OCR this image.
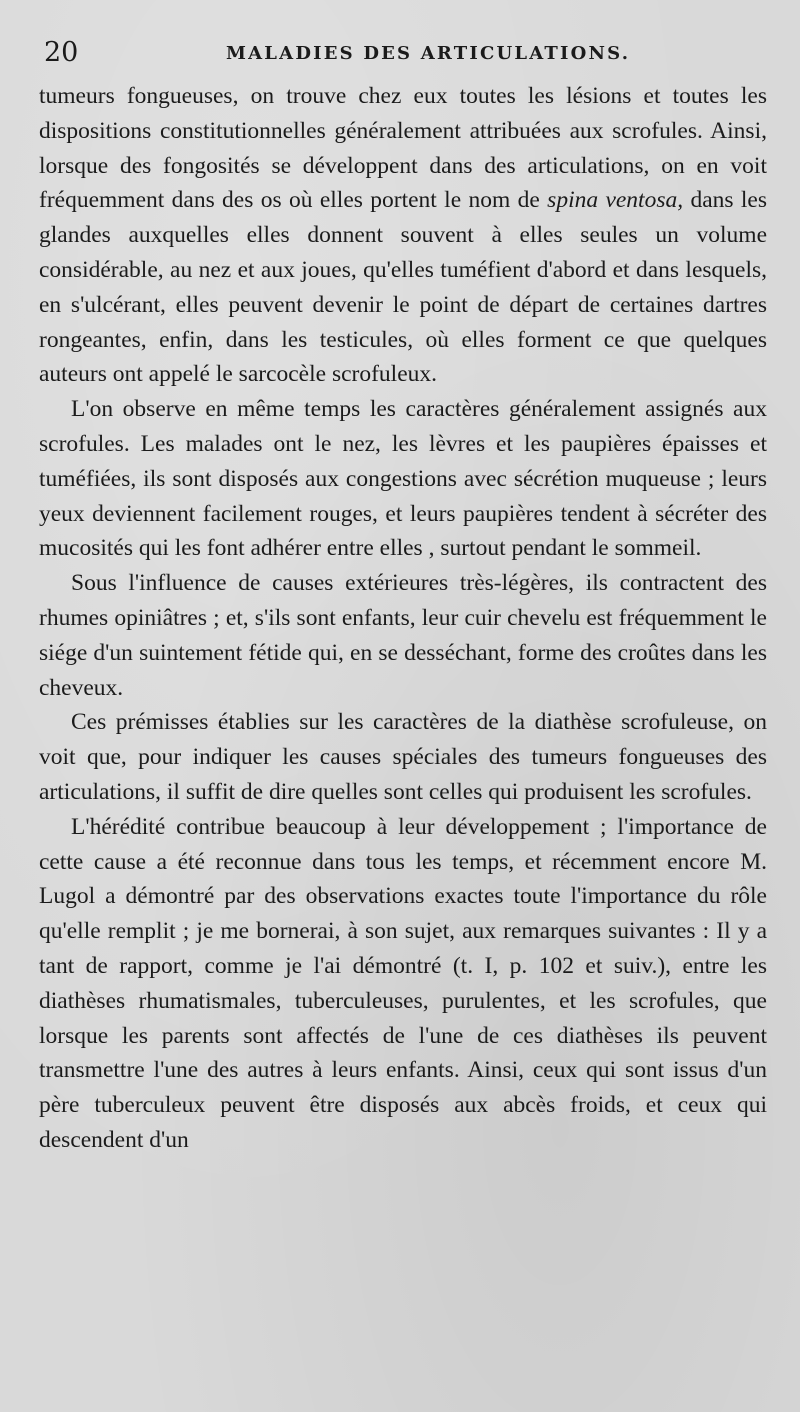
20	MALADIES DES ARTICULATIONS.

tumeurs fongueuses, on trouve chez eux toutes les lésions et toutes les dispositions constitutionnelles généralement attribuées aux scrofules. Ainsi, lorsque des fongosités se développent dans des articulations, on en voit fréquemment dans des os où elles portent le nom de spina ventosa, dans les glandes auxquelles elles donnent souvent à elles seules un volume considérable, au nez et aux joues, qu'elles tuméfient d'abord et dans lesquels, en s'ulcérant, elles peuvent devenir le point de départ de certaines dartres rongeantes, enfin, dans les testicules, où elles forment ce que quelques auteurs ont appelé le sarcocèle scrofuleux.

L'on observe en même temps les caractères généralement assignés aux scrofules. Les malades ont le nez, les lèvres et les paupières épaisses et tuméfiées, ils sont disposés aux congestions avec sécrétion muqueuse ; leurs yeux deviennent facilement rouges, et leurs paupières tendent à sécréter des mucosités qui les font adhérer entre elles , surtout pendant le sommeil.

Sous l'influence de causes extérieures très-légères, ils contractent des rhumes opiniâtres ; et, s'ils sont enfants, leur cuir chevelu est fréquemment le siége d'un suintement fétide qui, en se desséchant, forme des croûtes dans les cheveux.

Ces prémisses établies sur les caractères de la diathèse scrofuleuse, on voit que, pour indiquer les causes spéciales des tumeurs fongueuses des articulations, il suffit de dire quelles sont celles qui produisent les scrofules.

L'hérédité contribue beaucoup à leur développement ; l'importance de cette cause a été reconnue dans tous les temps, et récemment encore M. Lugol a démontré par des observations exactes toute l'importance du rôle qu'elle remplit ; je me bornerai, à son sujet, aux remarques suivantes : Il y a tant de rapport, comme je l'ai démontré (t. I, p. 102 et suiv.), entre les diathèses rhumatismales, tuberculeuses, purulentes, et les scrofules, que lorsque les parents sont affectés de l'une de ces diathèses ils peuvent transmettre l'une des autres à leurs enfants. Ainsi, ceux qui sont issus d'un père tuberculeux peuvent être disposés aux abcès froids, et ceux qui descendent d'un
